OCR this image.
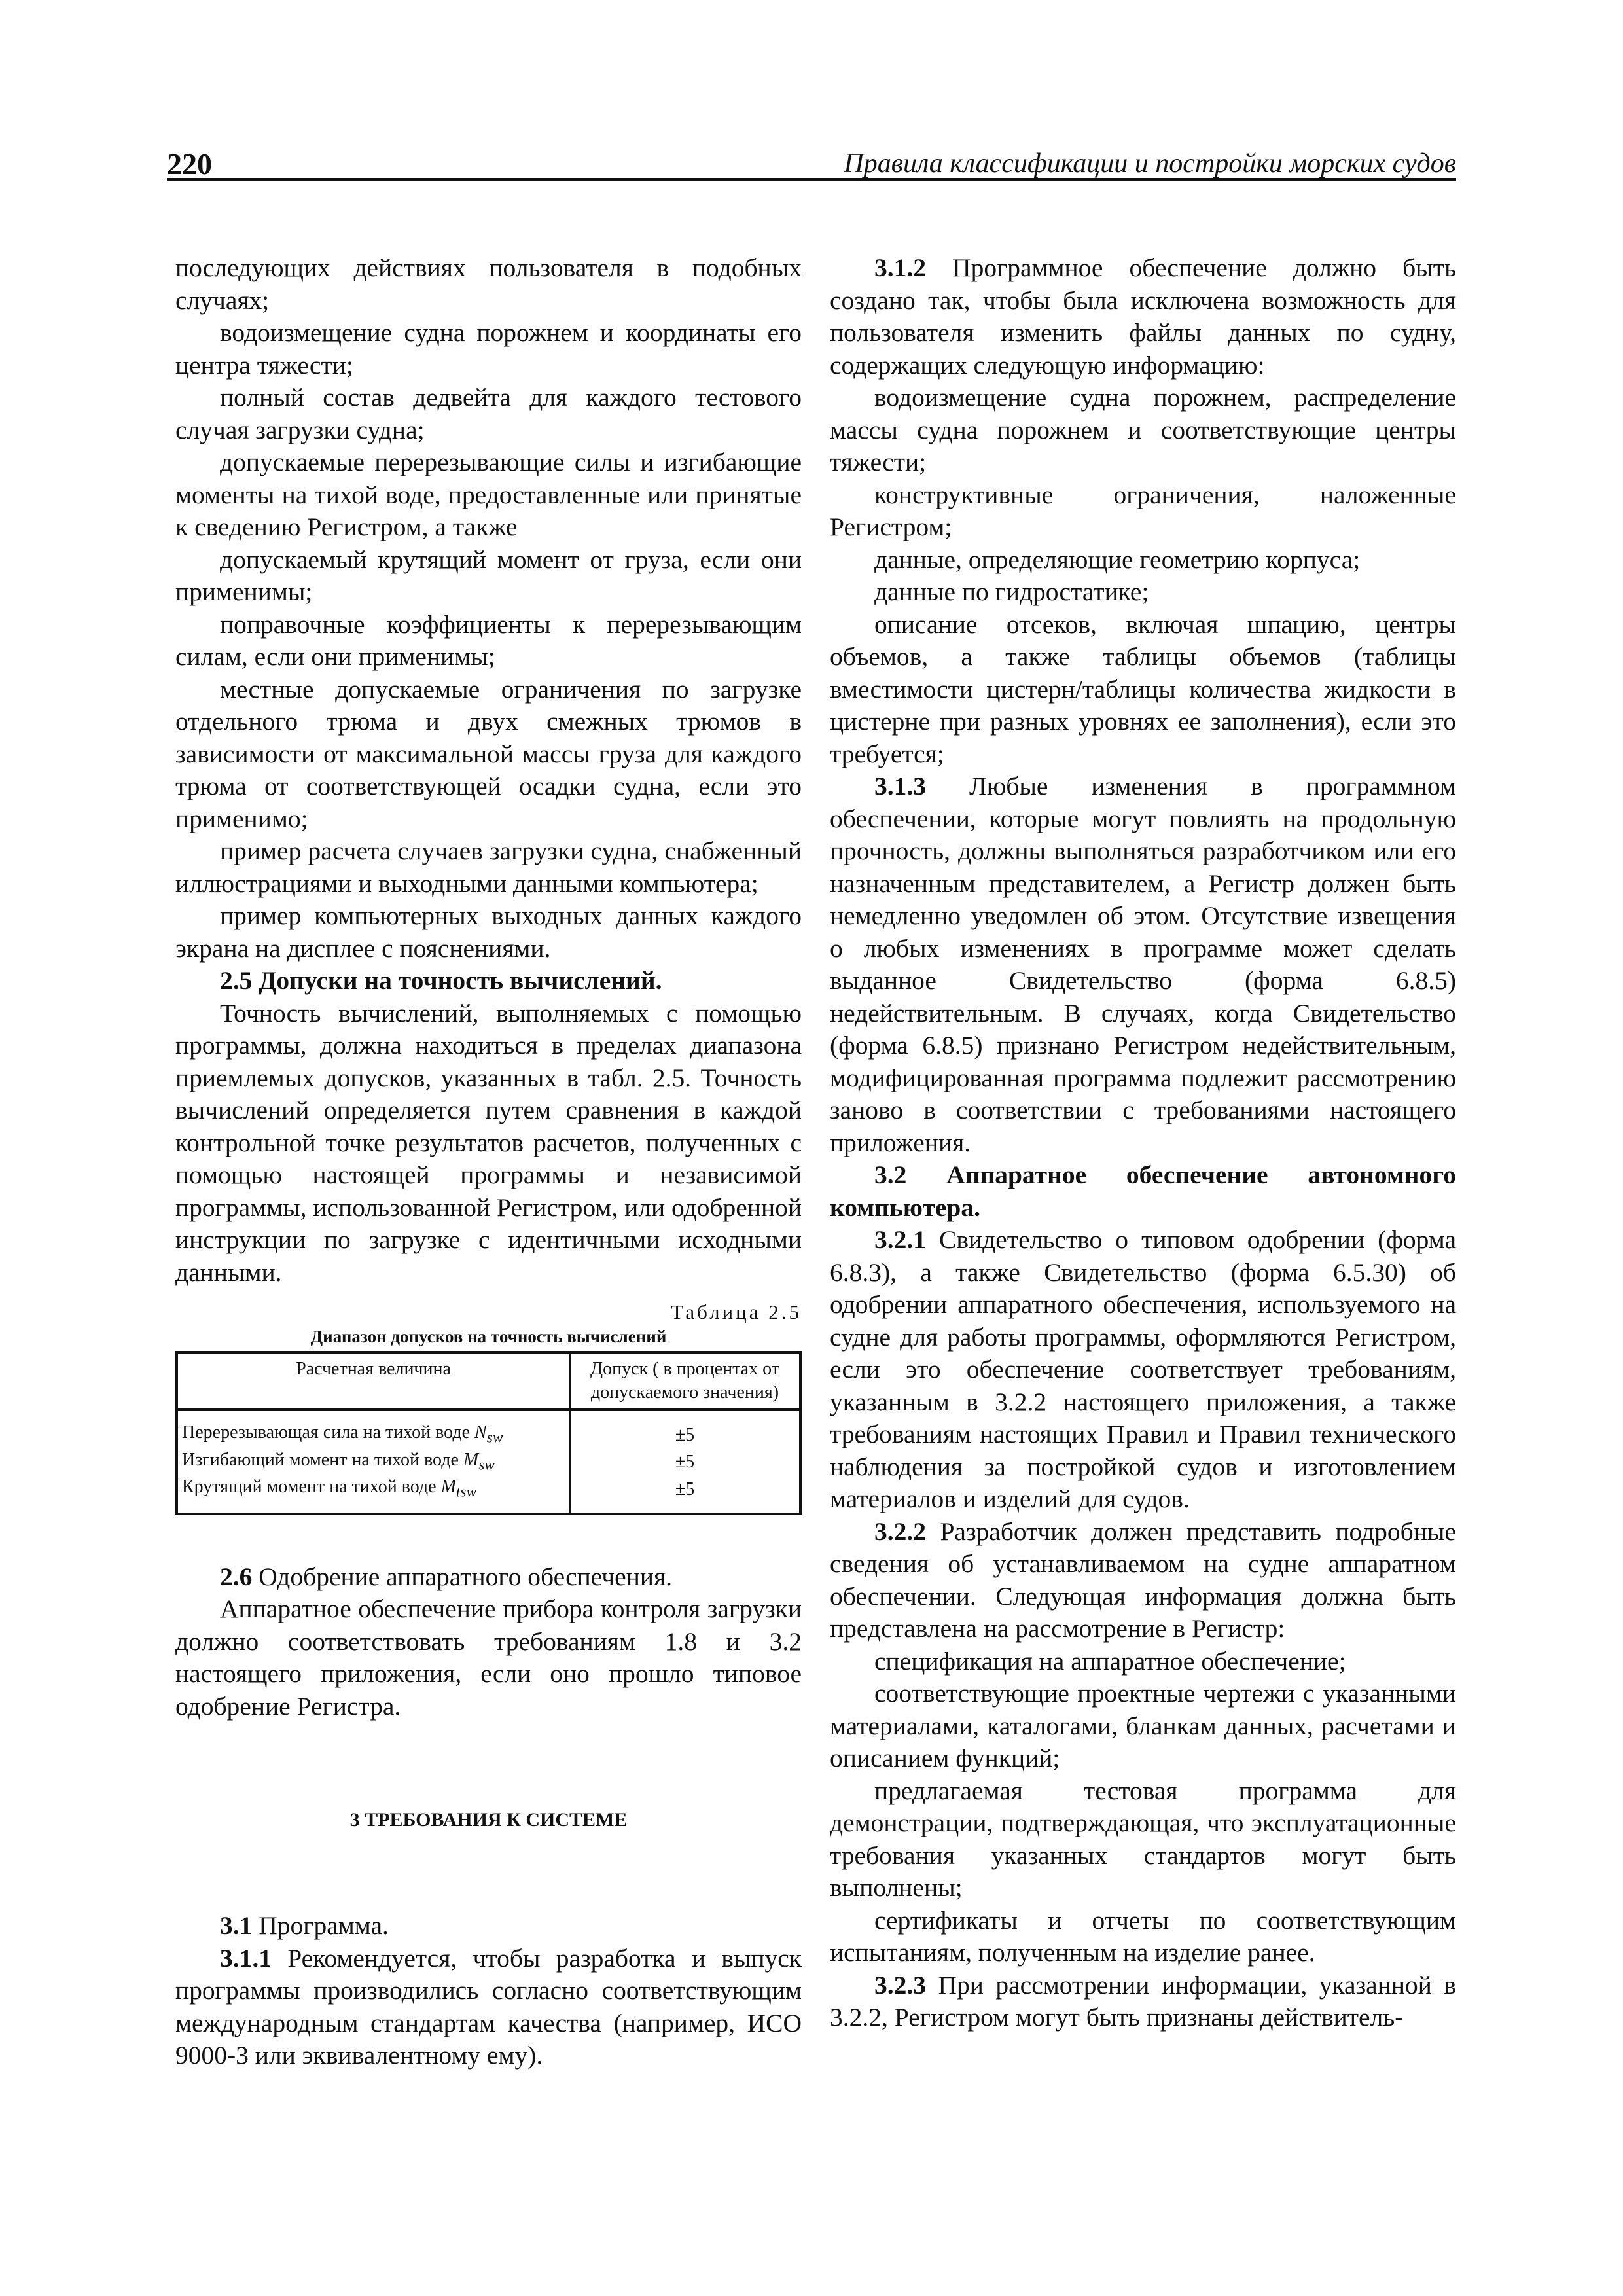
220	Правила классификации и постройки морских судов

последующих действиях пользователя в подобных случаях;

водоизмещение судна порожнем и координаты его центра тяжести;

полный состав дедвейта для каждого тестового случая загрузки судна;

допускаемые перерезывающие силы и изгибающие моменты на тихой воде, предоставленные или принятые к сведению Регистром, а также

допускаемый крутящий момент от груза, если они применимы;

поправочные коэффициенты к перерезывающим силам, если они применимы;

местные допускаемые ограничения по загрузке отдельного трюма и двух смежных трюмов в зависимости от максимальной массы груза для каждого трюма от соответствующей осадки судна, если это применимо;

пример расчета случаев загрузки судна, снабженный иллюстрациями и выходными данными компьютера;

пример компьютерных выходных данных каждого экрана на дисплее с пояснениями.

2.5 Допуски на точность вычислений.

Точность вычислений, выполняемых с помощью программы, должна находиться в пределах диапазона приемлемых допусков, указанных в табл. 2.5. Точность вычислений определяется путем сравнения в каждой контрольной точке результатов расчетов, полученных с помощью настоящей программы и независимой программы, использованной Регистром, или одобренной инструкции по загрузке с идентичными исходными данными.

Таблица 2.5
Диапазон допусков на точность вычислений
Расчетная величина	Допуск ( в процентах от допускаемого значения)
Перерезывающая сила на тихой воде $N_{sw}$	±5
Изгибающий момент на тихой воде $M_{sw}$	±5
Крутящий момент на тихой воде $M_{tsw}$	±5

2.6 Одобрение аппаратного обеспечения.

Аппаратное обеспечение прибора контроля загрузки должно соответствовать требованиям 1.8 и 3.2 настоящего приложения, если оно прошло типовое одобрение Регистра.

3 ТРЕБОВАНИЯ К СИСТЕМЕ

3.1 Программа.

3.1.1 Рекомендуется, чтобы разработка и выпуск программы производились согласно соответствующим международным стандартам качества (например, ИСО 9000-3 или эквивалентному ему).

3.1.2 Программное обеспечение должно быть создано так, чтобы была исключена возможность для пользователя изменить файлы данных по судну, содержащих следующую информацию:

водоизмещение судна порожнем, распределение массы судна порожнем и соответствующие центры тяжести;

конструктивные ограничения, наложенные Регистром;

данные, определяющие геометрию корпуса;

данные по гидростатике;

описание отсеков, включая шпацию, центры объемов, а также таблицы объемов (таблицы вместимости цистерн/таблицы количества жидкости в цистерне при разных уровнях ее заполнения), если это требуется;

3.1.3 Любые изменения в программном обеспечении, которые могут повлиять на продольную прочность, должны выполняться разработчиком или его назначенным представителем, а Регистр должен быть немедленно уведомлен об этом. Отсутствие извещения о любых изменениях в программе может сделать выданное Свидетельство (форма 6.8.5) недействительным. В случаях, когда Свидетельство (форма 6.8.5) признано Регистром недействительным, модифицированная программа подлежит рассмотрению заново в соответствии с требованиями настоящего приложения.

3.2 Аппаратное обеспечение автономного компьютера.

3.2.1 Свидетельство о типовом одобрении (форма 6.8.3), а также Свидетельство (форма 6.5.30) об одобрении аппаратного обеспечения, используемого на судне для работы программы, оформляются Регистром, если это обеспечение соответствует требованиям, указанным в 3.2.2 настоящего приложения, а также требованиям настоящих Правил и Правил технического наблюдения за постройкой судов и изготовлением материалов и изделий для судов.

3.2.2 Разработчик должен представить подробные сведения об устанавливаемом на судне аппаратном обеспечении. Следующая информация должна быть представлена на рассмотрение в Регистр:

спецификация на аппаратное обеспечение;

соответствующие проектные чертежи с указанными материалами, каталогами, бланкам данных, расчетами и описанием функций;

предлагаемая тестовая программа для демонстрации, подтверждающая, что эксплуатационные требования указанных стандартов могут быть выполнены;

сертификаты и отчеты по соответствующим испытаниям, полученным на изделие ранее.

3.2.3 При рассмотрении информации, указанной в 3.2.2, Регистром могут быть признаны действитель-
